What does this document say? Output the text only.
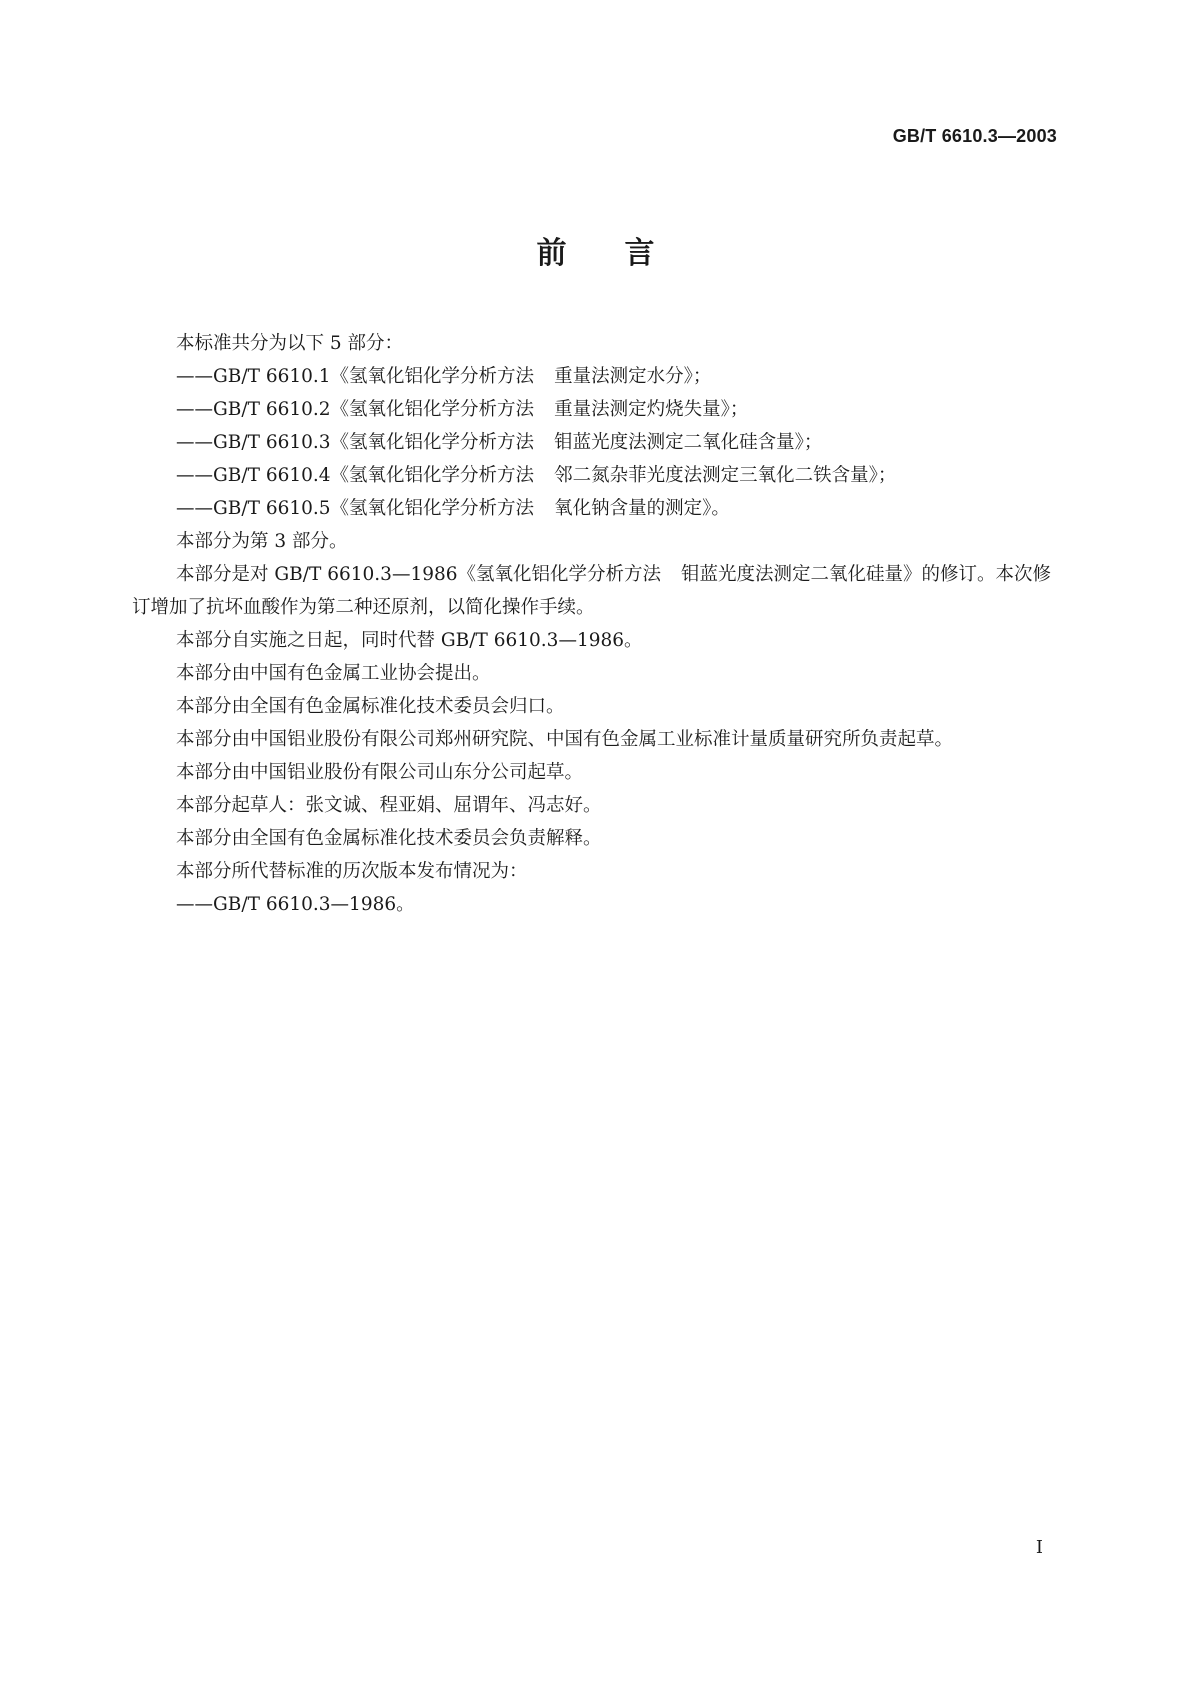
GB/T 6610.3—2003
前言

本标准共分为以下 5 部分：

——GB/T 6610.1《氢氧化铝化学分析方法 重量法测定水分》；

——GB/T 6610.2《氢氧化铝化学分析方法 重量法测定灼烧失量》；

——GB/T 6610.3《氢氧化铝化学分析方法 钼蓝光度法测定二氧化硅含量》；

——GB/T 6610.4《氢氧化铝化学分析方法 邻二氮杂菲光度法测定三氧化二铁含量》；

——GB/T 6610.5《氢氧化铝化学分析方法 氧化钠含量的测定》。

本部分为第 3 部分。

本部分是对 GB/T 6610.3—1986《氢氧化铝化学分析方法 钼蓝光度法测定二氧化硅量》的修订。本次修订增加了抗坏血酸作为第二种还原剂，以简化操作手续。

本部分自实施之日起，同时代替 GB/T 6610.3—1986。

本部分由中国有色金属工业协会提出。

本部分由全国有色金属标准化技术委员会归口。

本部分由中国铝业股份有限公司郑州研究院、中国有色金属工业标准计量质量研究所负责起草。

本部分由中国铝业股份有限公司山东分公司起草。

本部分起草人：张文诚、程亚娟、屈谓年、冯志好。

本部分由全国有色金属标准化技术委员会负责解释。

本部分所代替标准的历次版本发布情况为：

——GB/T 6610.3—1986。

I
